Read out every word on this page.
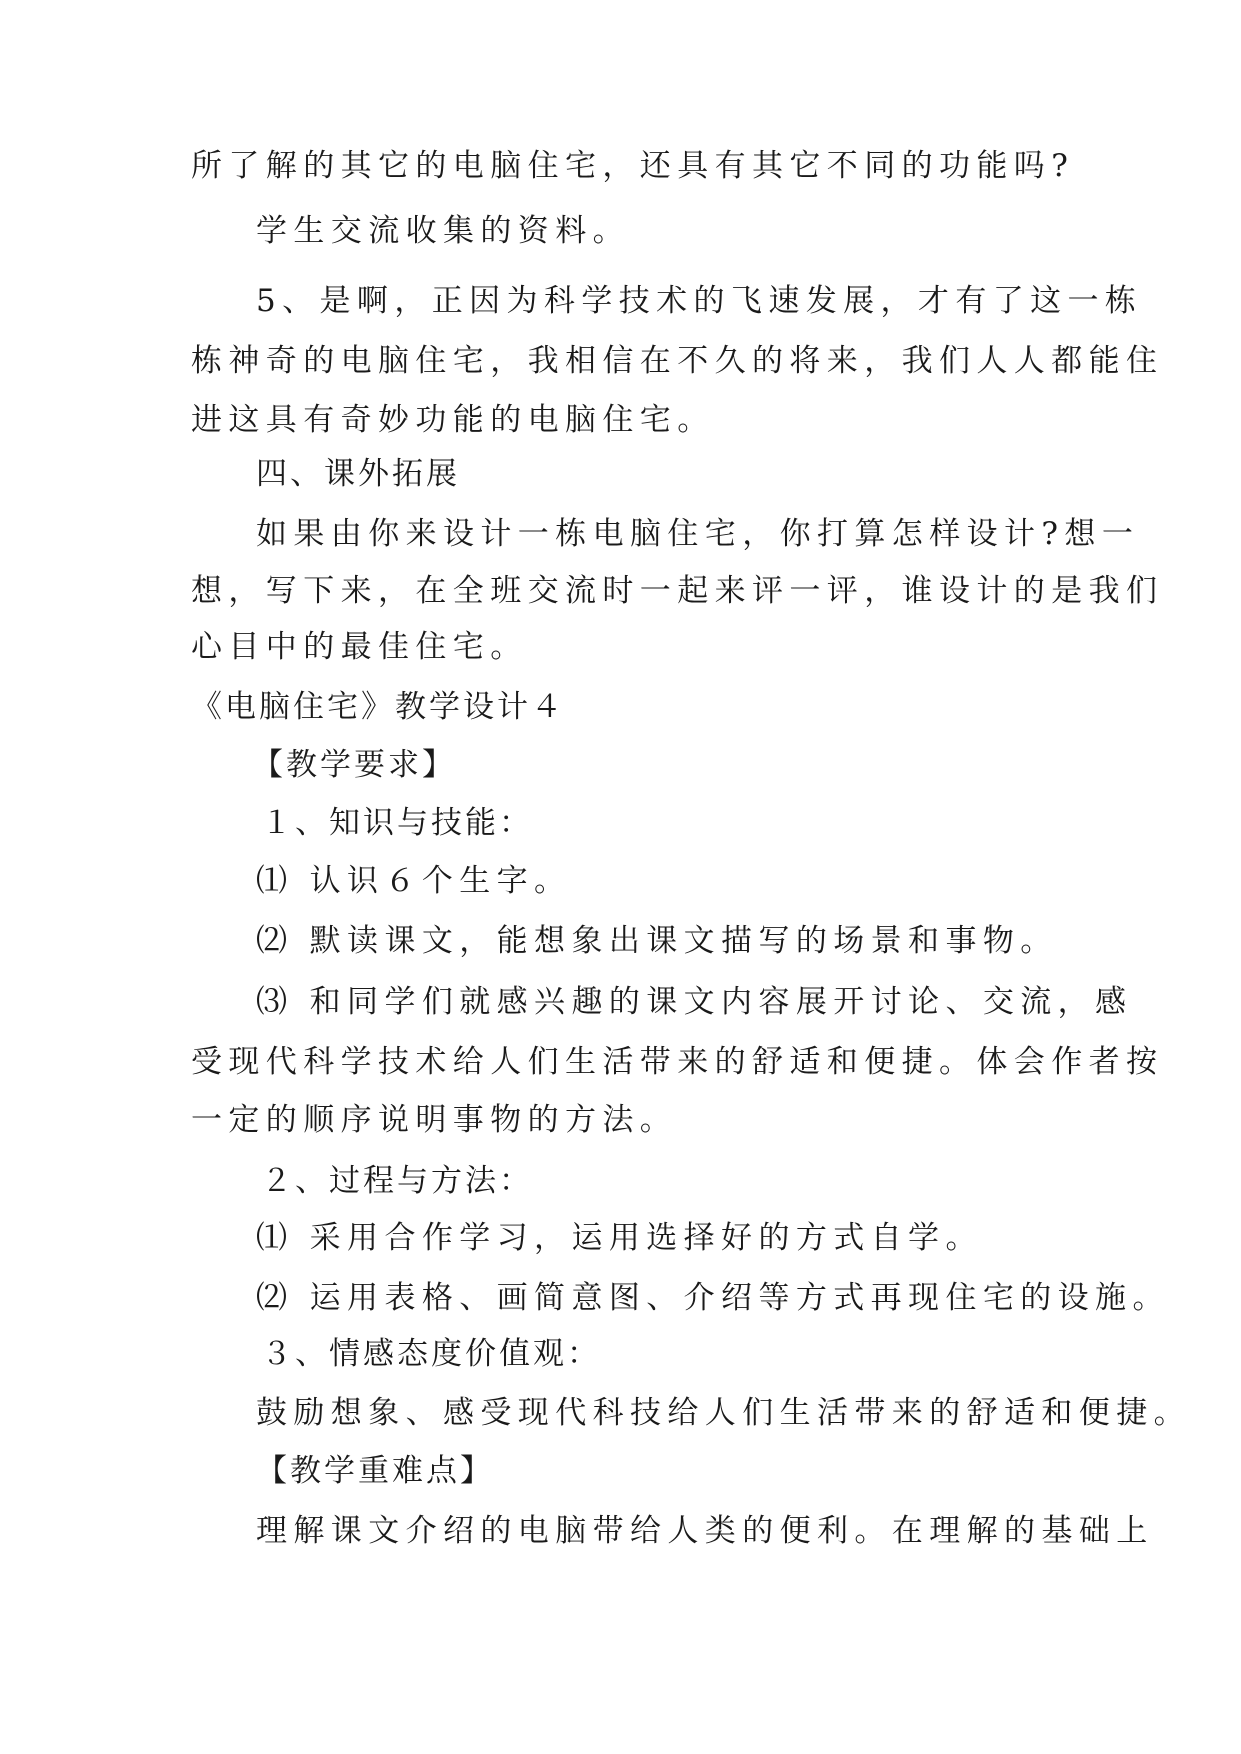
所了解的其它的电脑住宅，还具有其它不同的功能吗?
学生交流收集的资料。
5、是啊，正因为科学技术的飞速发展，才有了这一栋
栋神奇的电脑住宅，我相信在不久的将来，我们人人都能住
进这具有奇妙功能的电脑住宅。
四、课外拓展
如果由你来设计一栋电脑住宅，你打算怎样设计?想一
想，写下来，在全班交流时一起来评一评，谁设计的是我们
心目中的最佳住宅。
《电脑住宅》教学设计４
【教学要求】
１、知识与技能：
⑴ 认识６个生字。
⑵ 默读课文，能想象出课文描写的场景和事物。
⑶ 和同学们就感兴趣的课文内容展开讨论、交流，感
受现代科学技术给人们生活带来的舒适和便捷。体会作者按
一定的顺序说明事物的方法。
２、过程与方法：
⑴ 采用合作学习，运用选择好的方式自学。
⑵ 运用表格、画简意图、介绍等方式再现住宅的设施。
３、情感态度价值观：
鼓励想象、感受现代科技给人们生活带来的舒适和便捷。
【教学重难点】
理解课文介绍的电脑带给人类的便利。在理解的基础上
